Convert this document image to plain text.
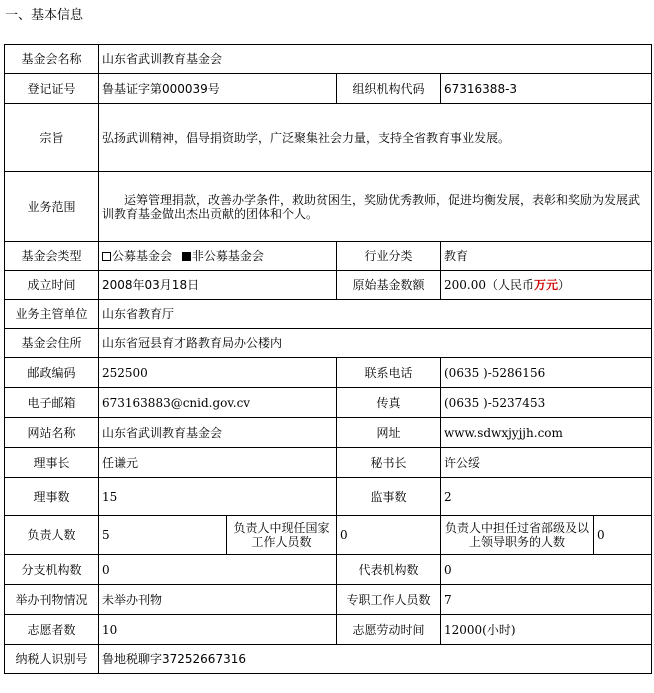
一、基本信息
基金会名称	山东省武训教育基金会				
登记证号	鲁基证字第000039号		组织机构代码	67316388-3	
宗旨	弘扬武训精神，倡导捐资助学，广泛聚集社会力量，支持全省教育事业发展。				
业务范围	运筹管理捐款，改善办学条件，救助贫困生，奖励优秀教师，促进均衡发展，表彰和奖励为发展武训教育基金做出杰出贡献的团体和个人。				
基金会类型	公募基金会 非公募基金会		行业分类	教育	
成立时间	2008年03月18日		原始基金数额	200.00（人民币万元）	
业务主管单位	山东省教育厅				
基金会住所	山东省冠县育才路教育局办公楼内				
邮政编码	252500		联系电话	(0635 )-5286156	
电子邮箱	673163883@cnid.gov.cv		传真	(0635 )-5237453	
网站名称	山东省武训教育基金会		网址	www.sdwxjyjjh.com	
理事长	任谦元		秘书长	许公绥	
理事数	15		监事数	2	
负责人数	5	负责人中现任国家工作人员数	0	负责人中担任过省部级及以上领导职务的人数	0
分支机构数	0		代表机构数	0	
举办刊物情况	未举办刊物		专职工作人员数	7	
志愿者数	10		志愿劳动时间	12000(小时)	
纳税人识别号	鲁地税聊字37252667316				
